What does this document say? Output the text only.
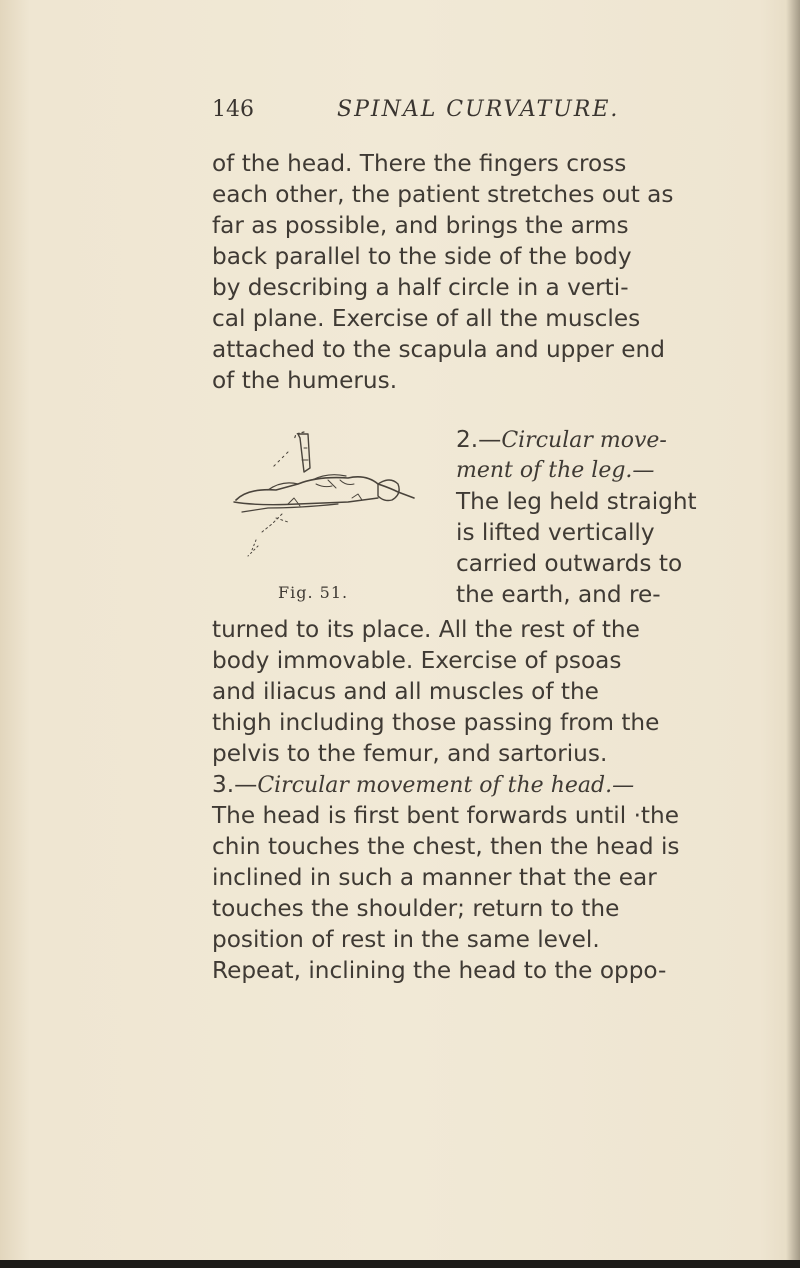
146	SPINAL CURVATURE.
of the head. There the fingers cross
each other, the patient stretches out as
far as possible, and brings the arms
back parallel to the side of the body
by describing a half circle in a verti-
cal plane. Exercise of all the muscles
attached to the scapula and upper end
of the humerus.
2.—Circular move-
ment of the leg.—
The leg held straight
is lifted vertically
carried outwards to
the earth, and re-
Fig. 51.
turned to its place. All the rest of the
body immovable. Exercise of psoas
and iliacus and all muscles of the
thigh including those passing from the
pelvis to the femur, and sartorius.
3.—Circular movement of the head.—
The head is first bent forwards until ·the
chin touches the chest, then the head is
inclined in such a manner that the ear
touches the shoulder; return to the
position of rest in the same level.
Repeat, inclining the head to the oppo-
